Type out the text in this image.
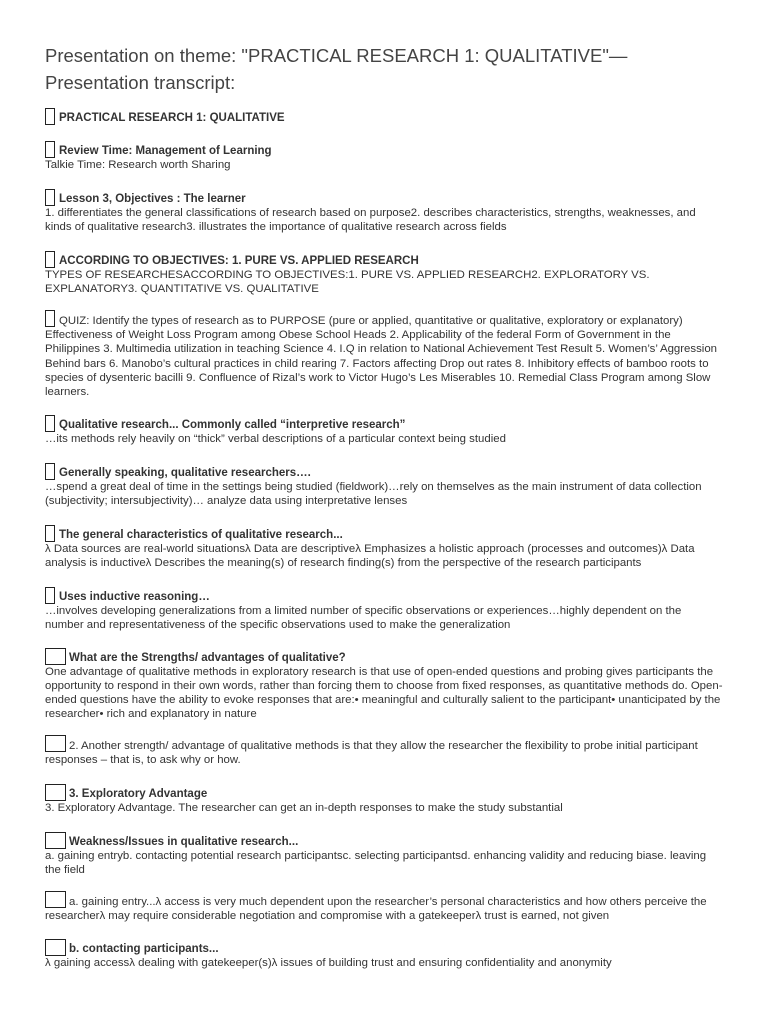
Presentation on theme: "PRACTICAL RESEARCH 1: QUALITATIVE"— Presentation transcript:
PRACTICAL RESEARCH 1: QUALITATIVE
Review Time: Management of Learning
Talkie Time: Research worth Sharing
Lesson 3, Objectives : The learner
1. differentiates the general classifications of research based on purpose2. describes characteristics, strengths, weaknesses, and kinds of qualitative research3. illustrates the importance of qualitative research across fields
ACCORDING TO OBJECTIVES: 1. PURE VS. APPLIED RESEARCH
TYPES OF RESEARCHESACCORDING TO OBJECTIVES:1. PURE VS. APPLIED RESEARCH2. EXPLORATORY VS. EXPLANATORY3. QUANTITATIVE VS. QUALITATIVE
QUIZ: Identify the types of research as to PURPOSE (pure or applied, quantitative or qualitative, exploratory or explanatory) Effectiveness of Weight Loss Program among Obese School Heads 2. Applicability of the federal Form of Government in the Philippines 3. Multimedia utilization in teaching Science 4. I.Q in relation to National Achievement Test Result 5. Women’s’ Aggression Behind bars 6. Manobo’s cultural practices in child rearing 7. Factors affecting Drop out rates 8. Inhibitory effects of bamboo roots to species of dysenteric bacilli 9. Confluence of Rizal’s work to Victor Hugo’s Les Miserables 10. Remedial Class Program among Slow learners.
Qualitative research... Commonly called “interpretive research”
…its methods rely heavily on “thick” verbal descriptions of a particular context being studied
Generally speaking, qualitative researchers….
…spend a great deal of time in the settings being studied (fieldwork)…rely on themselves as the main instrument of data collection (subjectivity; intersubjectivity)… analyze data using interpretative lenses
The general characteristics of qualitative research...
λ Data sources are real-world situationsλ Data are descriptiveλ Emphasizes a holistic approach (processes and outcomes)λ Data analysis is inductiveλ Describes the meaning(s) of research finding(s) from the perspective of the research participants
Uses inductive reasoning…
…involves developing generalizations from a limited number of specific observations or experiences…highly dependent on the number and representativeness of the specific observations used to make the generalization
What are the Strengths/ advantages of qualitative?
One advantage of qualitative methods in exploratory research is that use of open-ended questions and probing gives participants the opportunity to respond in their own words, rather than forcing them to choose from fixed responses, as quantitative methods do. Open-ended questions have the ability to evoke responses that are:• meaningful and culturally salient to the participant• unanticipated by the researcher• rich and explanatory in nature
2. Another strength/ advantage of qualitative methods is that they allow the researcher the flexibility to probe initial participant responses – that is, to ask why or how.
3. Exploratory Advantage
3. Exploratory Advantage. The researcher can get an in-depth responses to make the study substantial
Weakness/Issues in qualitative research...
a. gaining entryb. contacting potential research participantsc. selecting participantsd. enhancing validity and reducing biase. leaving the field
a. gaining entry...λ access is very much dependent upon the researcher’s personal characteristics and how others perceive the researcherλ may require considerable negotiation and compromise with a gatekeeperλ trust is earned, not given
b. contacting participants...
λ gaining accessλ dealing with gatekeeper(s)λ issues of building trust and ensuring confidentiality and anonymity
